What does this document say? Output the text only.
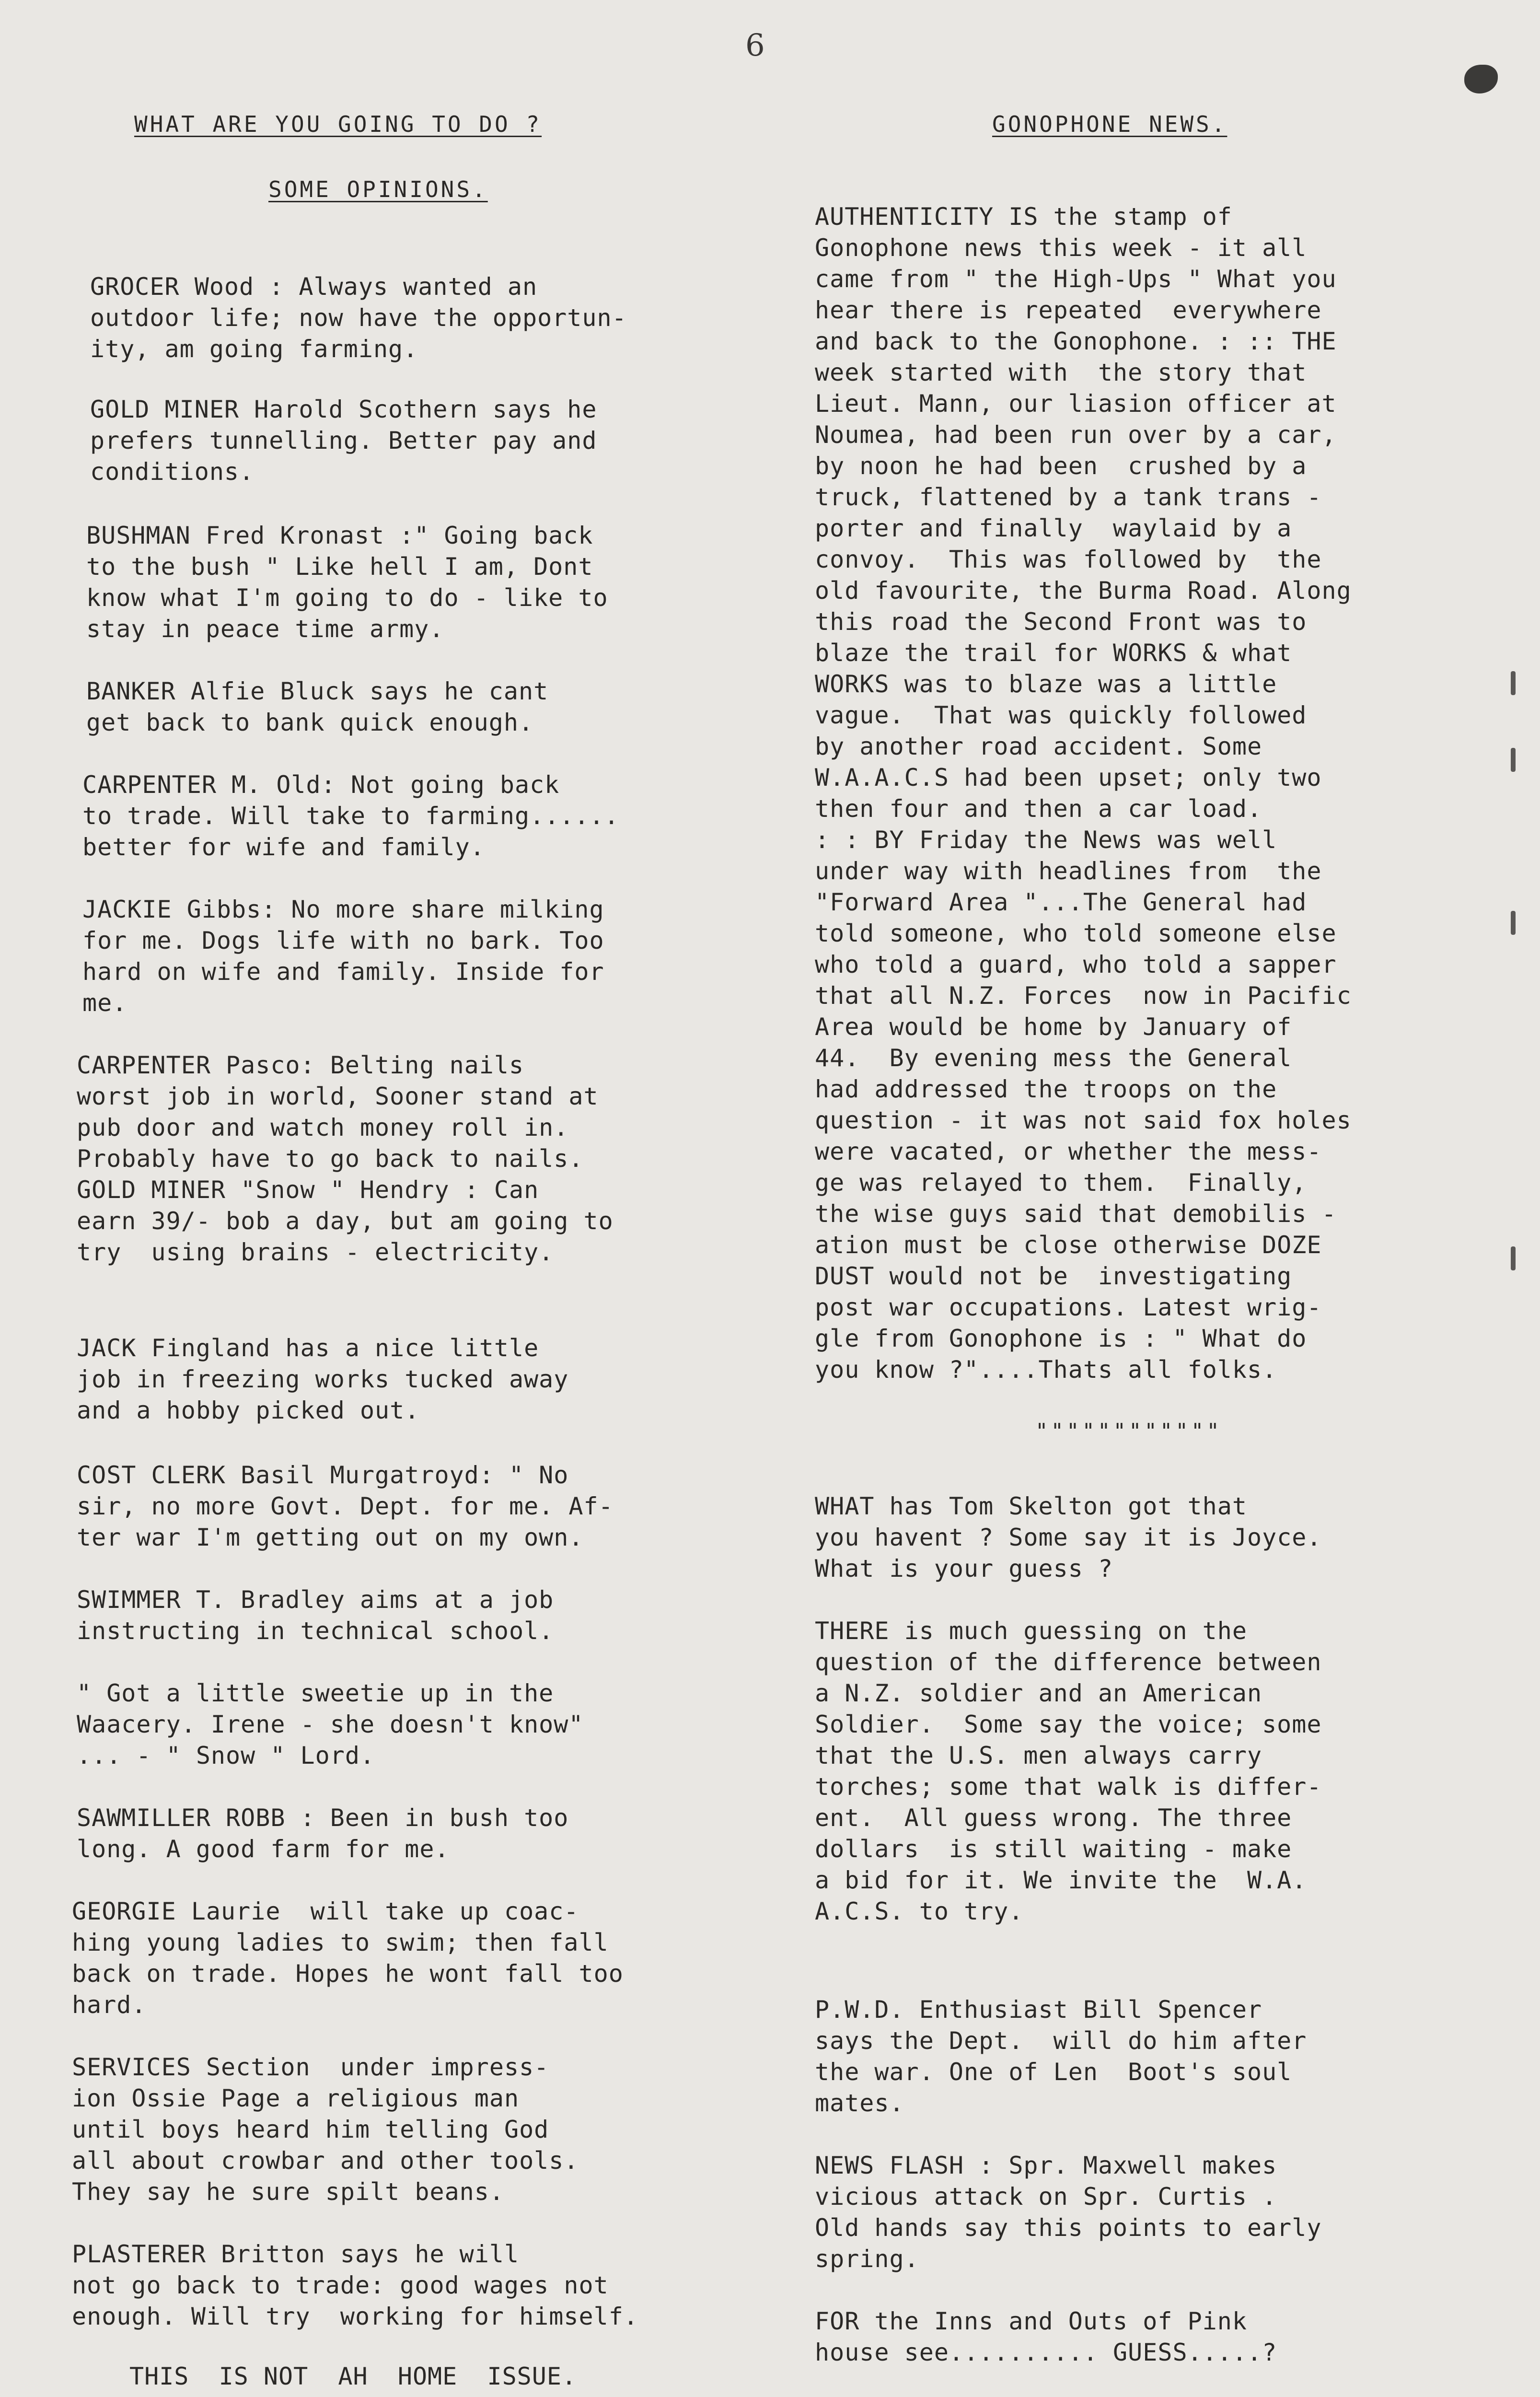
6
WHAT ARE YOU GOING TO DO ?
SOME OPINIONS.
GROCER Wood : Always wanted an
outdoor life; now have the opportun-
ity, am going farming.
GOLD MINER Harold Scothern says he
prefers tunnelling. Better pay and
conditions.
BUSHMAN Fred Kronast :" Going back
to the bush " Like hell I am, Dont
know what I'm going to do - like to
stay in peace time army.
BANKER Alfie Bluck says he cant
get back to bank quick enough.
CARPENTER M. Old: Not going back
to trade. Will take to farming......
better for wife and family.
JACKIE Gibbs: No more share milking
for me. Dogs life with no bark. Too
hard on wife and family. Inside for
me.
CARPENTER Pasco: Belting nails
worst job in world, Sooner stand at
pub door and watch money roll in.
Probably have to go back to nails.
GOLD MINER "Snow " Hendry : Can
earn 39/- bob a day, but am going to
try  using brains - electricity.
JACK Fingland has a nice little
job in freezing works tucked away
and a hobby picked out.
COST CLERK Basil Murgatroyd: " No
sir, no more Govt. Dept. for me. Af-
ter war I'm getting out on my own.
SWIMMER T. Bradley aims at a job
instructing in technical school.
" Got a little sweetie up in the
Waacery. Irene - she doesn't know"
... - " Snow " Lord.
SAWMILLER ROBB : Been in bush too
long. A good farm for me.
GEORGIE Laurie  will take up coac-
hing young ladies to swim; then fall
back on trade. Hopes he wont fall too
hard.
SERVICES Section  under impress-
ion Ossie Page a religious man
until boys heard him telling God
all about crowbar and other tools.
They say he sure spilt beans.
PLASTERER Britton says he will
not go back to trade: good wages not
enough. Will try  working for himself.
THIS  IS NOT  AH  HOME  ISSUE.
GONOPHONE NEWS.
AUTHENTICITY IS the stamp of
Gonophone news this week - it all
came from " the High-Ups " What you
hear there is repeated  everywhere
and back to the Gonophone. : :: THE
week started with  the story that
Lieut. Mann, our liasion officer at
Noumea, had been run over by a car,
by noon he had been  crushed by a
truck, flattened by a tank trans -
porter and finally  waylaid by a
convoy.  This was followed by  the
old favourite, the Burma Road. Along
this road the Second Front was to
blaze the trail for WORKS & what
WORKS was to blaze was a little
vague.  That was quickly followed
by another road accident. Some
W.A.A.C.S had been upset; only two
then four and then a car load.
: : BY Friday the News was well
under way with headlines from  the
"Forward Area "...The General had
told someone, who told someone else
who told a guard, who told a sapper
that all N.Z. Forces  now in Pacific
Area would be home by January of
44.  By evening mess the General
had addressed the troops on the
question - it was not said fox holes
were vacated, or whether the mess-
ge was relayed to them.  Finally,
the wise guys said that demobilis -
ation must be close otherwise DOZE
DUST would not be  investigating
post war occupations. Latest wrig-
gle from Gonophone is : " What do
you know ?"....Thats all folks.
""""""""""""
WHAT has Tom Skelton got that
you havent ? Some say it is Joyce.
What is your guess ?
THERE is much guessing on the
question of the difference between
a N.Z. soldier and an American
Soldier.  Some say the voice; some
that the U.S. men always carry
torches; some that walk is differ-
ent.  All guess wrong. The three
dollars  is still waiting - make
a bid for it. We invite the  W.A.
A.C.S. to try.
P.W.D. Enthusiast Bill Spencer
says the Dept.  will do him after
the war. One of Len  Boot's soul
mates.
NEWS FLASH : Spr. Maxwell makes
vicious attack on Spr. Curtis .
Old hands say this points to early
spring.
FOR the Inns and Outs of Pink
house see.......... GUESS.....?
